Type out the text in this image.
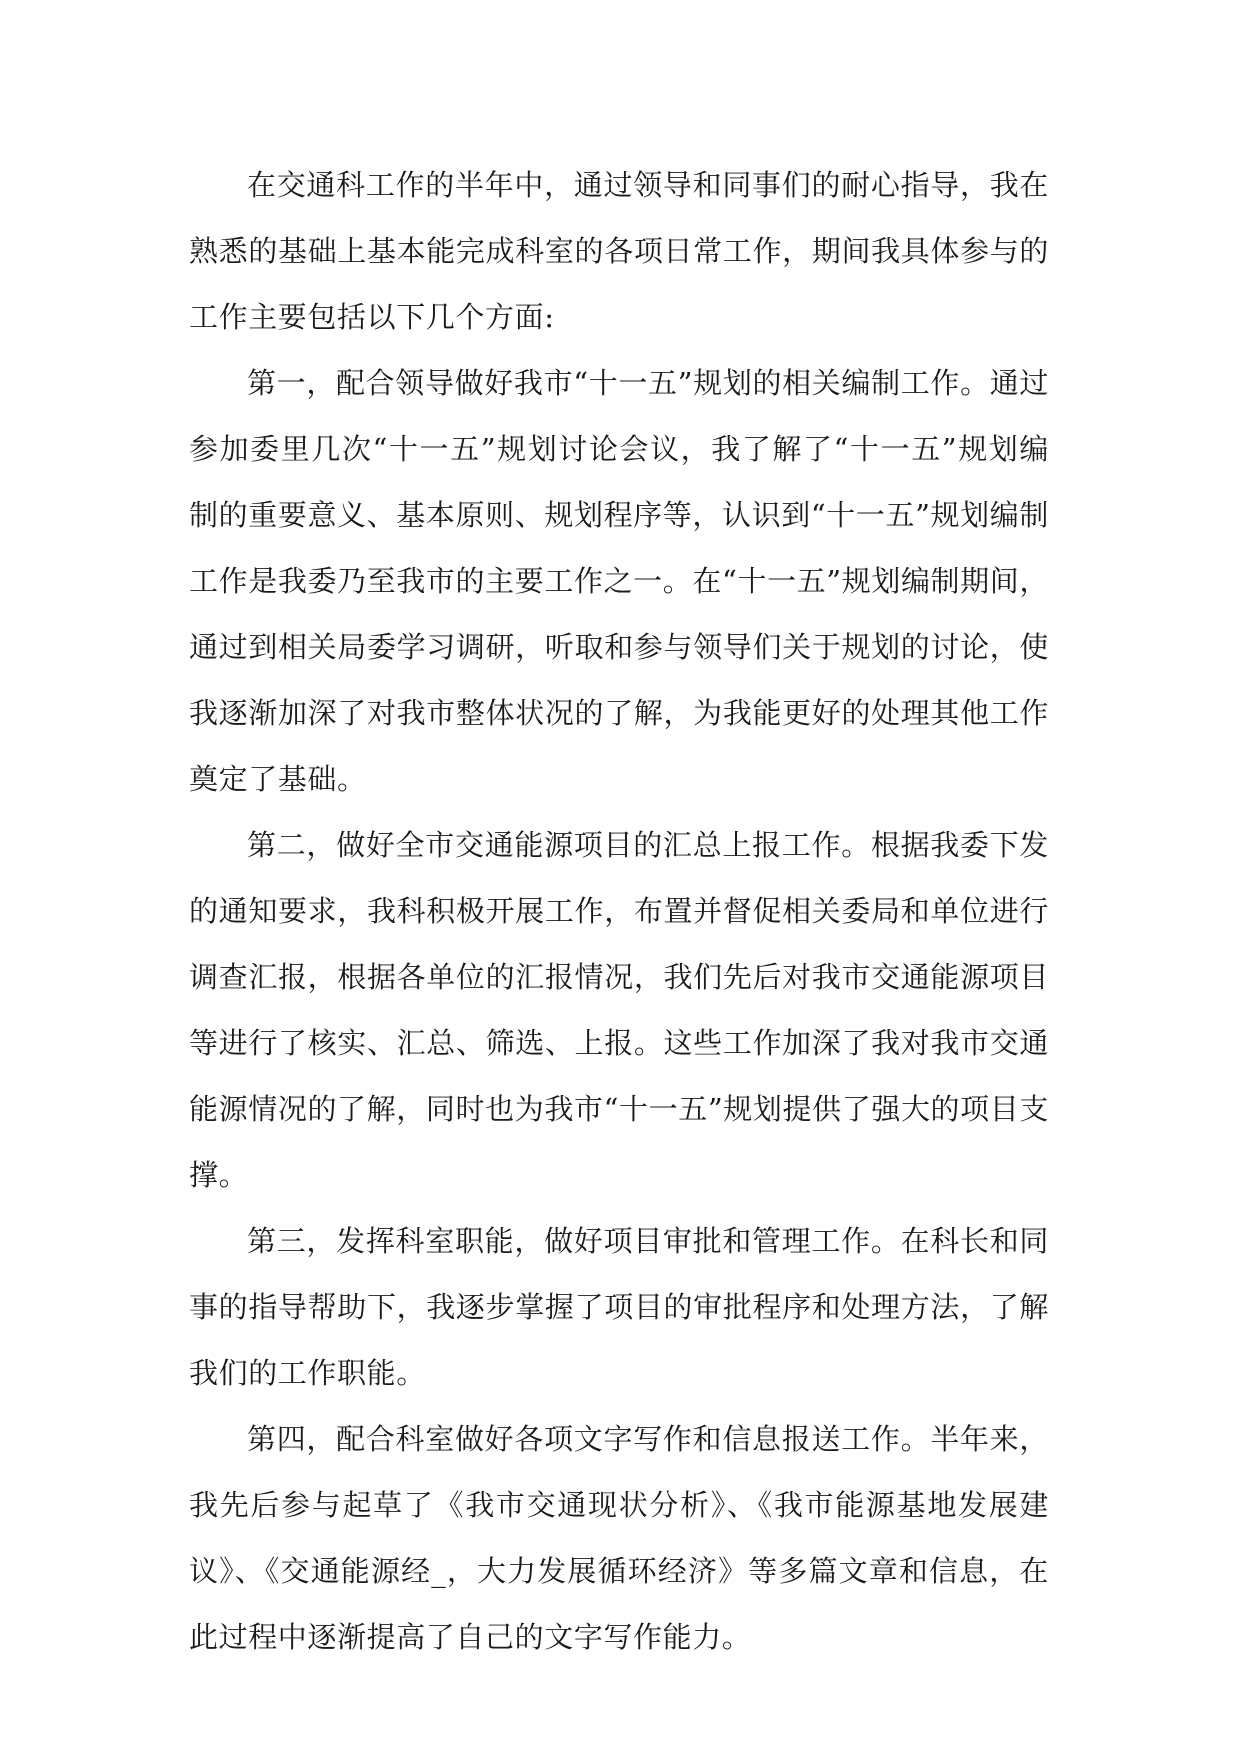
在交通科工作的半年中，通过领导和同事们的耐心指导，我在熟悉的基础上基本能完成科室的各项日常工作，期间我具体参与的工作主要包括以下几个方面:

第一，配合领导做好我市“十一五”规划的相关编制工作。通过参加委里几次“十一五”规划讨论会议，我了解了“十一五”规划编制的重要意义、基本原则、规划程序等，认识到“十一五”规划编制工作是我委乃至我市的主要工作之一。在“十一五”规划编制期间，通过到相关局委学习调研，听取和参与领导们关于规划的讨论，使我逐渐加深了对我市整体状况的了解，为我能更好的处理其他工作奠定了基础。

第二，做好全市交通能源项目的汇总上报工作。根据我委下发的通知要求，我科积极开展工作，布置并督促相关委局和单位进行调查汇报，根据各单位的汇报情况，我们先后对我市交通能源项目等进行了核实、汇总、筛选、上报。这些工作加深了我对我市交通能源情况的了解，同时也为我市“十一五”规划提供了强大的项目支撑。

第三，发挥科室职能，做好项目审批和管理工作。在科长和同事的指导帮助下，我逐步掌握了项目的审批程序和处理方法，了解我们的工作职能。

第四，配合科室做好各项文字写作和信息报送工作。半年来，我先后参与起草了《我市交通现状分析》、《我市能源基地发展建议》、《交通能源经_，大力发展循环经济》等多篇文章和信息，在此过程中逐渐提高了自己的文字写作能力。
